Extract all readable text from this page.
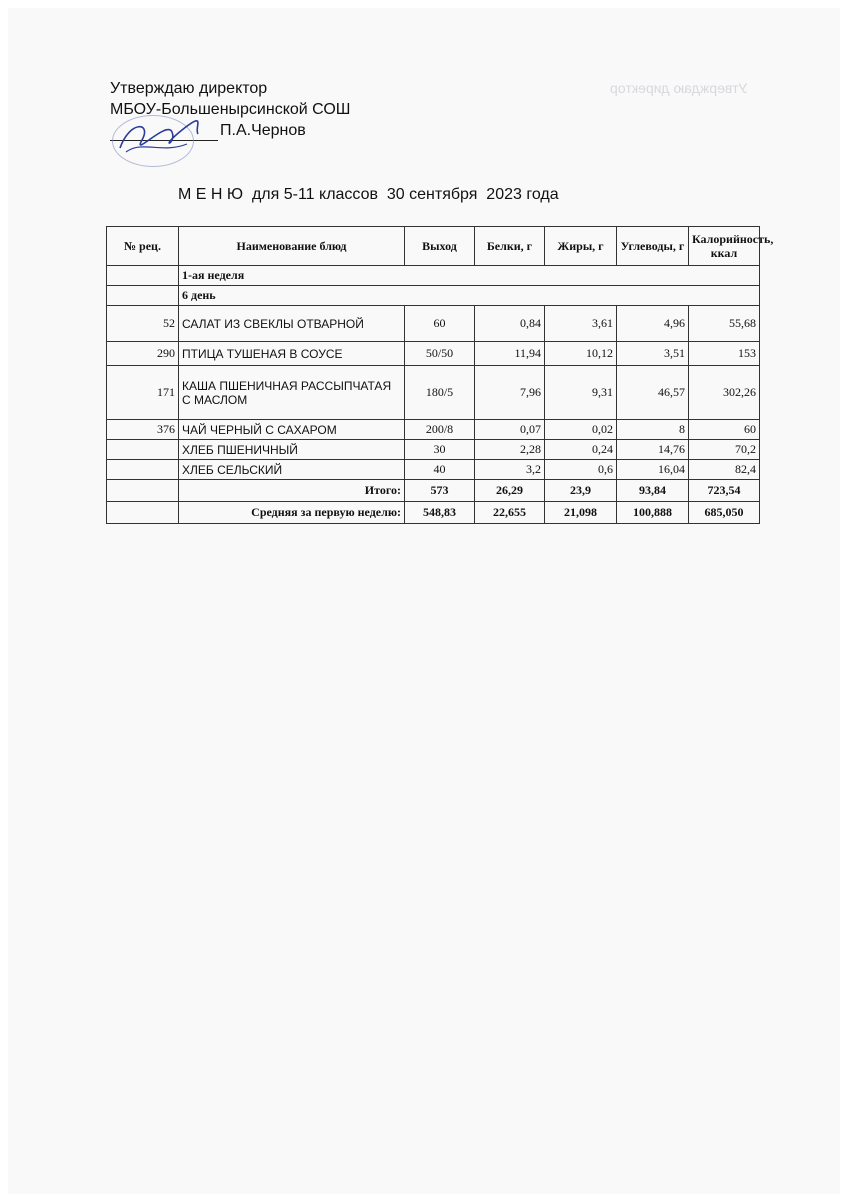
Утверждаю директор
Утверждаю директор
МБОУ-Большенырсинской СОШ
П.А.Чернов
М Е Н Ю  для 5-11 классов  30 сентября  2023 года
№ рец.	Наименование блюд	Выход	Белки, г	Жиры, г	Углеводы, г	Калорийность, ккал
	1-ая неделя					
	6 день					
52	САЛАТ ИЗ СВЕКЛЫ ОТВАРНОЙ	60	0,84	3,61	4,96	55,68
290	ПТИЦА ТУШЕНАЯ В СОУСЕ	50/50	11,94	10,12	3,51	153
171	КАША ПШЕНИЧНАЯ РАССЫПЧАТАЯ С МАСЛОМ	180/5	7,96	9,31	46,57	302,26
376	ЧАЙ ЧЕРНЫЙ С САХАРОМ	200/8	0,07	0,02	8	60
	ХЛЕБ ПШЕНИЧНЫЙ	30	2,28	0,24	14,76	70,2
	ХЛЕБ СЕЛЬСКИЙ	40	3,2	0,6	16,04	82,4
	Итого:	573	26,29	23,9	93,84	723,54
	Средняя за первую неделю:	548,83	22,655	21,098	100,888	685,050
